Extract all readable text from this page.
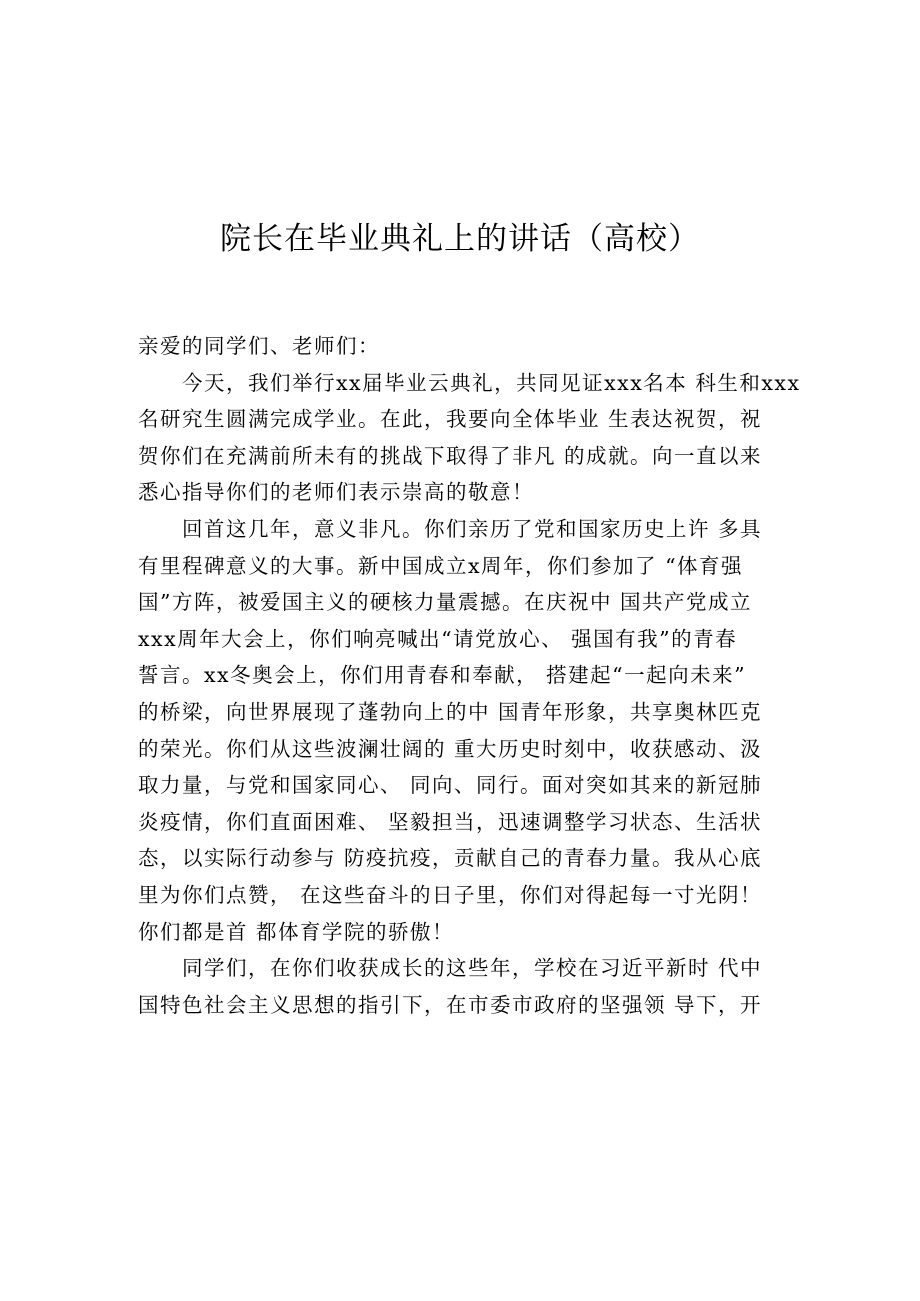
院长在毕业典礼上的讲话（高校）

亲爱的同学们、老师们：

　　今天，我们举行xx届毕业云典礼，共同见证xxx名本 科生和xxx
名研究生圆满完成学业。在此，我要向全体毕业 生表达祝贺，祝
贺你们在充满前所未有的挑战下取得了非凡 的成就。向一直以来
悉心指导你们的老师们表示崇高的敬意！

　　回首这几年，意义非凡。你们亲历了党和国家历史上许 多具
有里程碑意义的大事。新中国成立x周年，你们参加了 “体育强
国”方阵，被爱国主义的硬核力量震撼。在庆祝中 国共产党成立
xxx周年大会上，你们响亮喊出“请党放心、 强国有我”的青春
誓言。xx冬奥会上，你们用青春和奉献， 搭建起“一起向未来”
的桥梁，向世界展现了蓬勃向上的中 国青年形象，共享奥林匹克
的荣光。你们从这些波澜壮阔的 重大历史时刻中，收获感动、汲
取力量，与党和国家同心、 同向、同行。面对突如其来的新冠肺
炎疫情，你们直面困难、 坚毅担当，迅速调整学习状态、生活状
态，以实际行动参与 防疫抗疫，贡献自己的青春力量。我从心底
里为你们点赞， 在这些奋斗的日子里，你们对得起每一寸光阴！
你们都是首 都体育学院的骄傲！

　　同学们，在你们收获成长的这些年，学校在习近平新时 代中
国特色社会主义思想的指引下，在市委市政府的坚强领 导下，开
